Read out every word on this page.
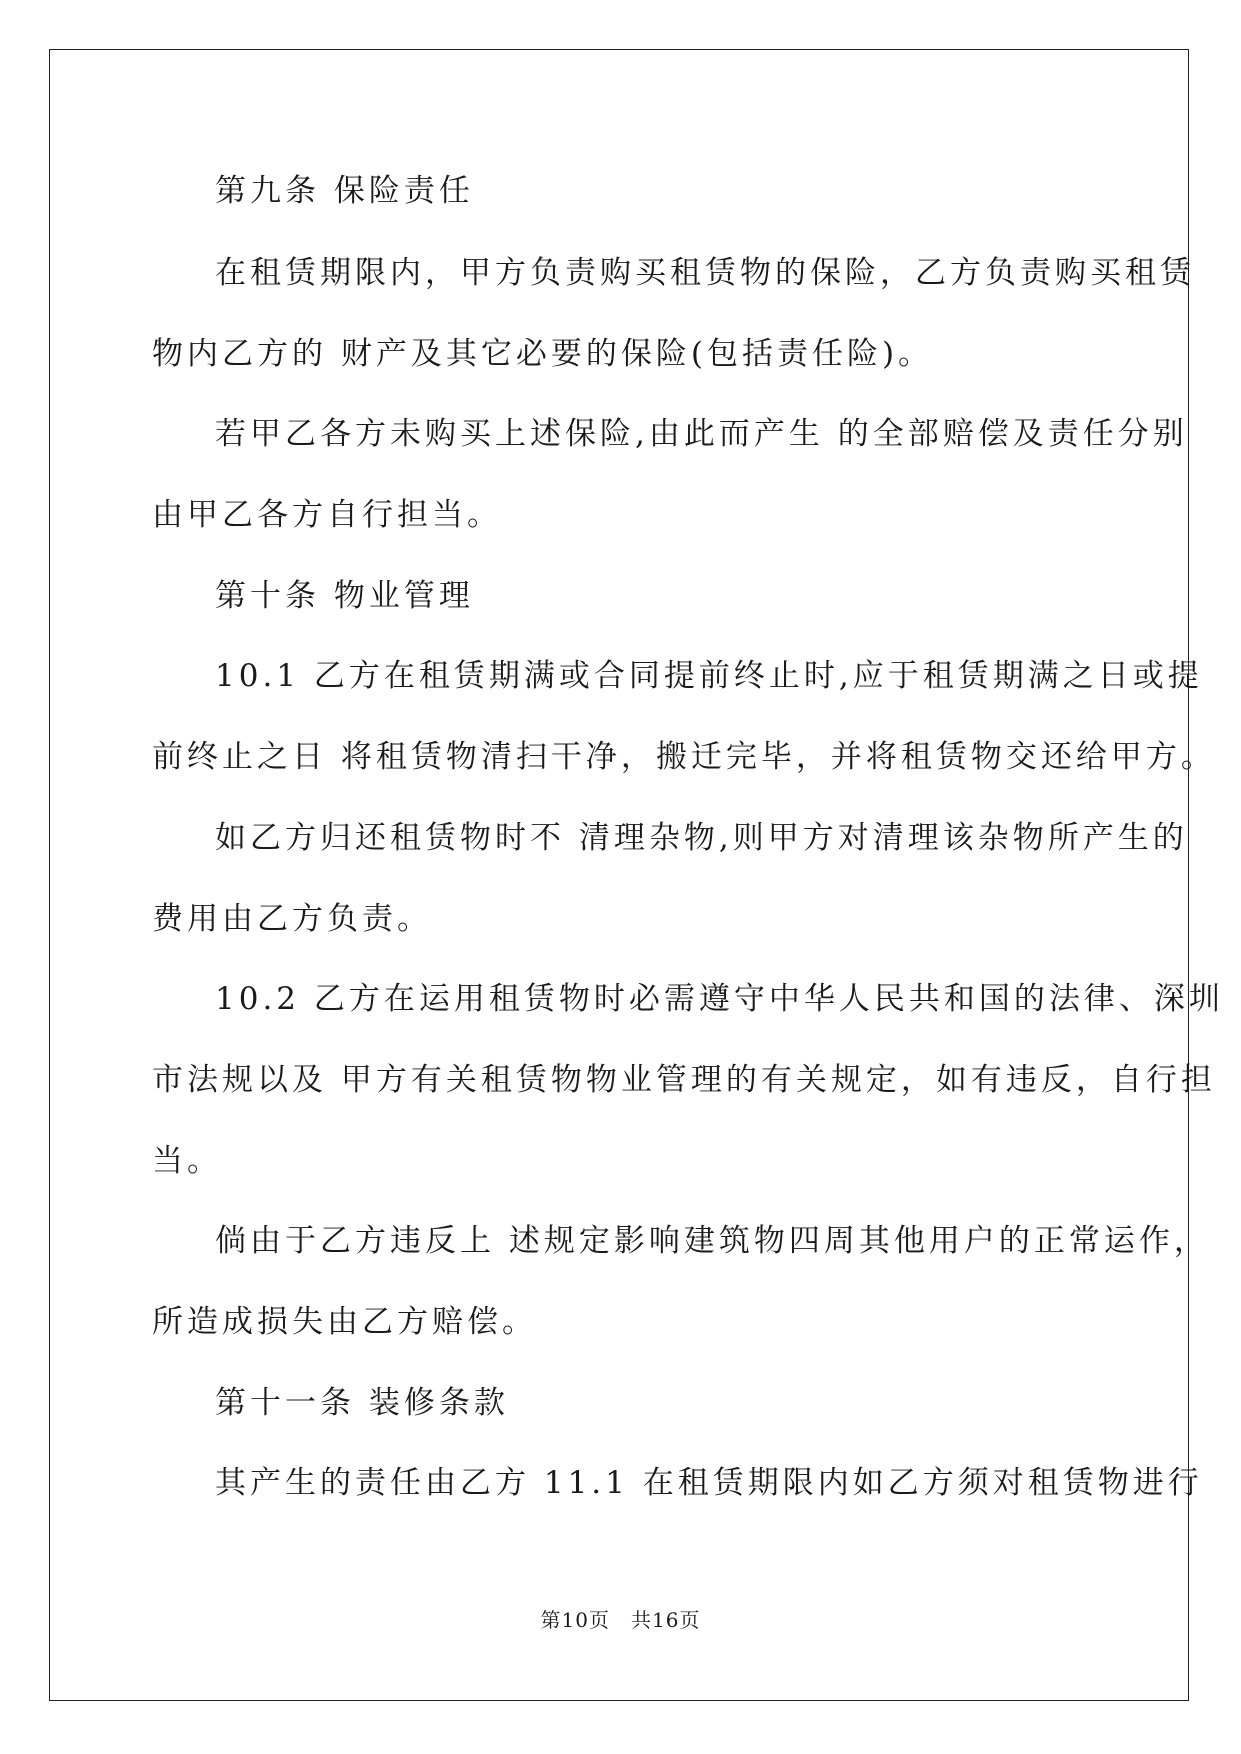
第九条 保险责任
在租赁期限内，甲方负责购买租赁物的保险，乙方负责购买租赁
物内乙方的 财产及其它必要的保险(包括责任险)。
若甲乙各方未购买上述保险,由此而产生 的全部赔偿及责任分别
由甲乙各方自行担当。
第十条 物业管理
10.1 乙方在租赁期满或合同提前终止时,应于租赁期满之日或提
前终止之日 将租赁物清扫干净，搬迁完毕，并将租赁物交还给甲方。
如乙方归还租赁物时不 清理杂物,则甲方对清理该杂物所产生的
费用由乙方负责。
10.2 乙方在运用租赁物时必需遵守中华人民共和国的法律、深圳
市法规以及 甲方有关租赁物物业管理的有关规定，如有违反，自行担
当。
倘由于乙方违反上 述规定影响建筑物四周其他用户的正常运作，
所造成损失由乙方赔偿。
第十一条 装修条款
其产生的责任由乙方 11.1 在租赁期限内如乙方须对租赁物进行
第10页　共16页
